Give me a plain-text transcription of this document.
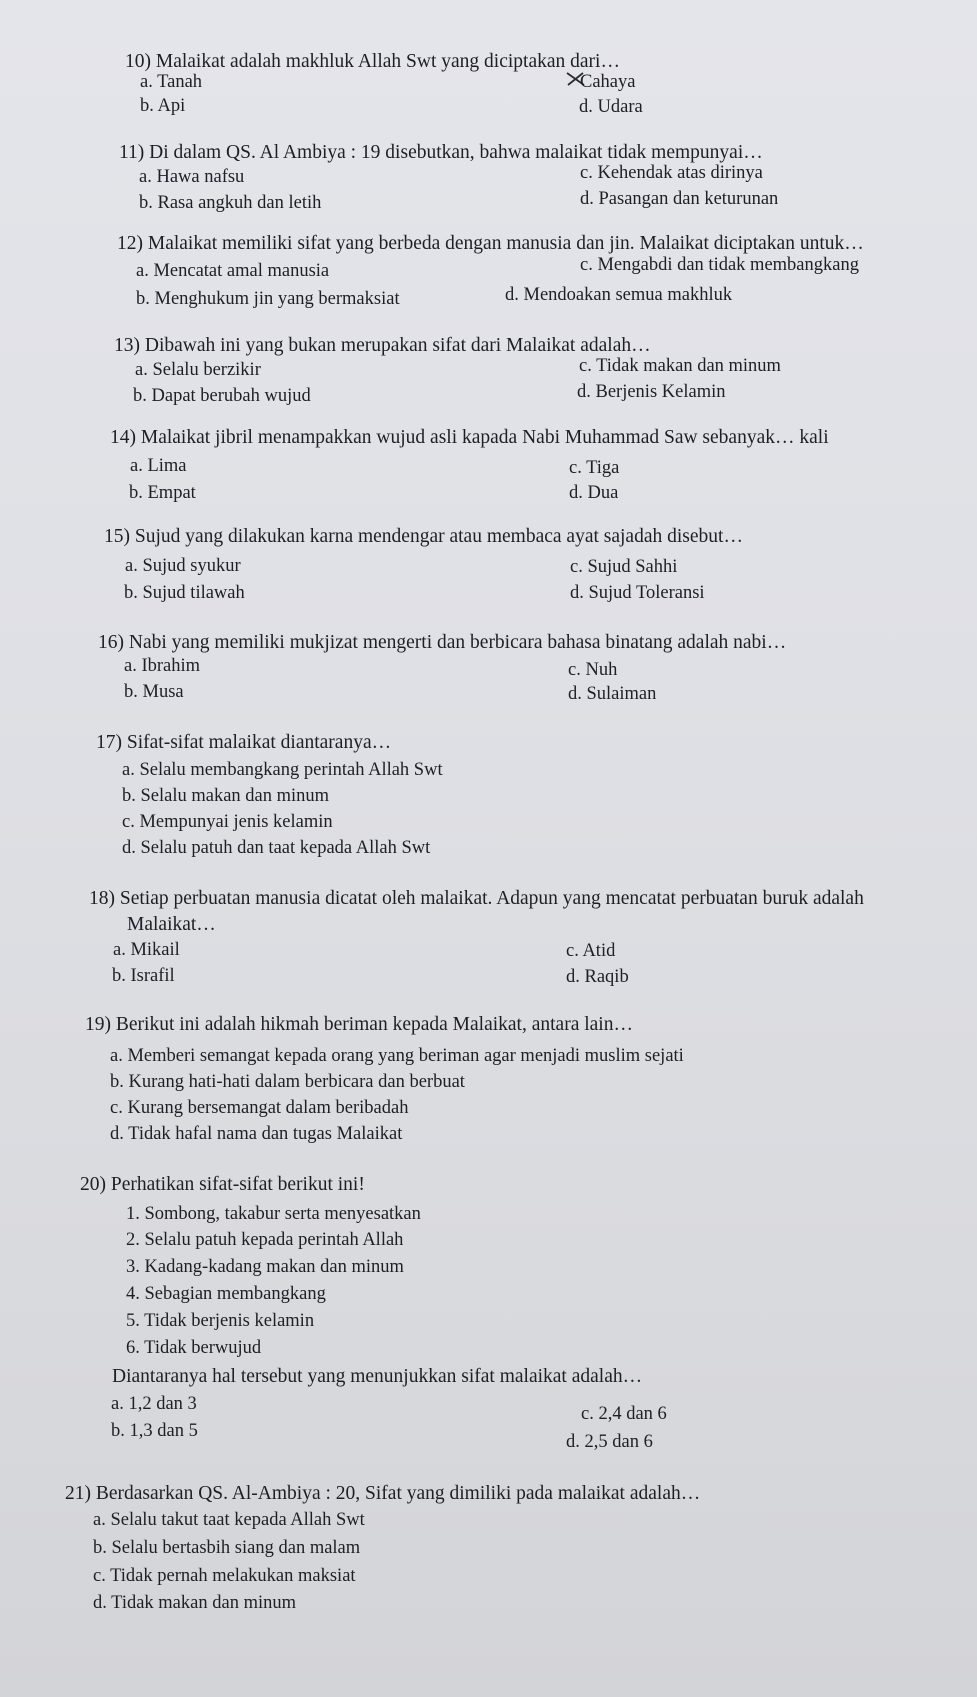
10) Malaikat adalah makhluk Allah Swt yang diciptakan dari…
a. Tanah
b. Api
Cahaya
d. Udara
11) Di dalam QS. Al Ambiya : 19 disebutkan, bahwa malaikat tidak mempunyai…
a. Hawa nafsu
b. Rasa angkuh dan letih
c. Kehendak atas dirinya
d. Pasangan dan keturunan
12) Malaikat memiliki sifat yang berbeda dengan manusia dan jin. Malaikat diciptakan untuk…
a. Mencatat amal manusia
b. Menghukum jin yang bermaksiat
c. Mengabdi dan tidak membangkang
d. Mendoakan semua makhluk
13) Dibawah ini yang bukan merupakan sifat dari Malaikat adalah…
a. Selalu berzikir
b. Dapat berubah wujud
c. Tidak makan dan minum
d. Berjenis Kelamin
14) Malaikat jibril menampakkan wujud asli kapada Nabi Muhammad Saw sebanyak… kali
a. Lima
b. Empat
c. Tiga
d. Dua
15) Sujud yang dilakukan karna mendengar atau membaca ayat sajadah disebut…
a. Sujud syukur
b. Sujud tilawah
c. Sujud Sahhi
d. Sujud Toleransi
16) Nabi yang memiliki mukjizat mengerti dan berbicara bahasa binatang adalah nabi…
a. Ibrahim
b. Musa
c. Nuh
d. Sulaiman
17) Sifat-sifat malaikat diantaranya…
a. Selalu membangkang perintah Allah Swt
b. Selalu makan dan minum
c. Mempunyai jenis kelamin
d. Selalu patuh dan taat kepada Allah Swt
18) Setiap perbuatan manusia dicatat oleh malaikat. Adapun yang mencatat perbuatan buruk adalah
Malaikat…
a. Mikail
b. Israfil
c. Atid
d. Raqib
19) Berikut ini adalah hikmah beriman kepada Malaikat, antara lain…
a. Memberi semangat kepada orang yang beriman agar menjadi muslim sejati
b. Kurang hati-hati dalam berbicara dan berbuat
c. Kurang bersemangat dalam beribadah
d. Tidak hafal nama dan tugas Malaikat
20) Perhatikan sifat-sifat berikut ini!
1. Sombong, takabur serta menyesatkan
2. Selalu patuh kepada perintah Allah
3. Kadang-kadang makan dan minum
4. Sebagian membangkang
5. Tidak berjenis kelamin
6. Tidak berwujud
Diantaranya hal tersebut yang menunjukkan sifat malaikat adalah…
a. 1,2 dan 3
b. 1,3 dan 5
c. 2,4 dan 6
d. 2,5 dan 6
21) Berdasarkan QS. Al-Ambiya : 20, Sifat yang dimiliki pada malaikat adalah…
a. Selalu takut taat kepada Allah Swt
b. Selalu bertasbih siang dan malam
c. Tidak pernah melakukan maksiat
d. Tidak makan dan minum
